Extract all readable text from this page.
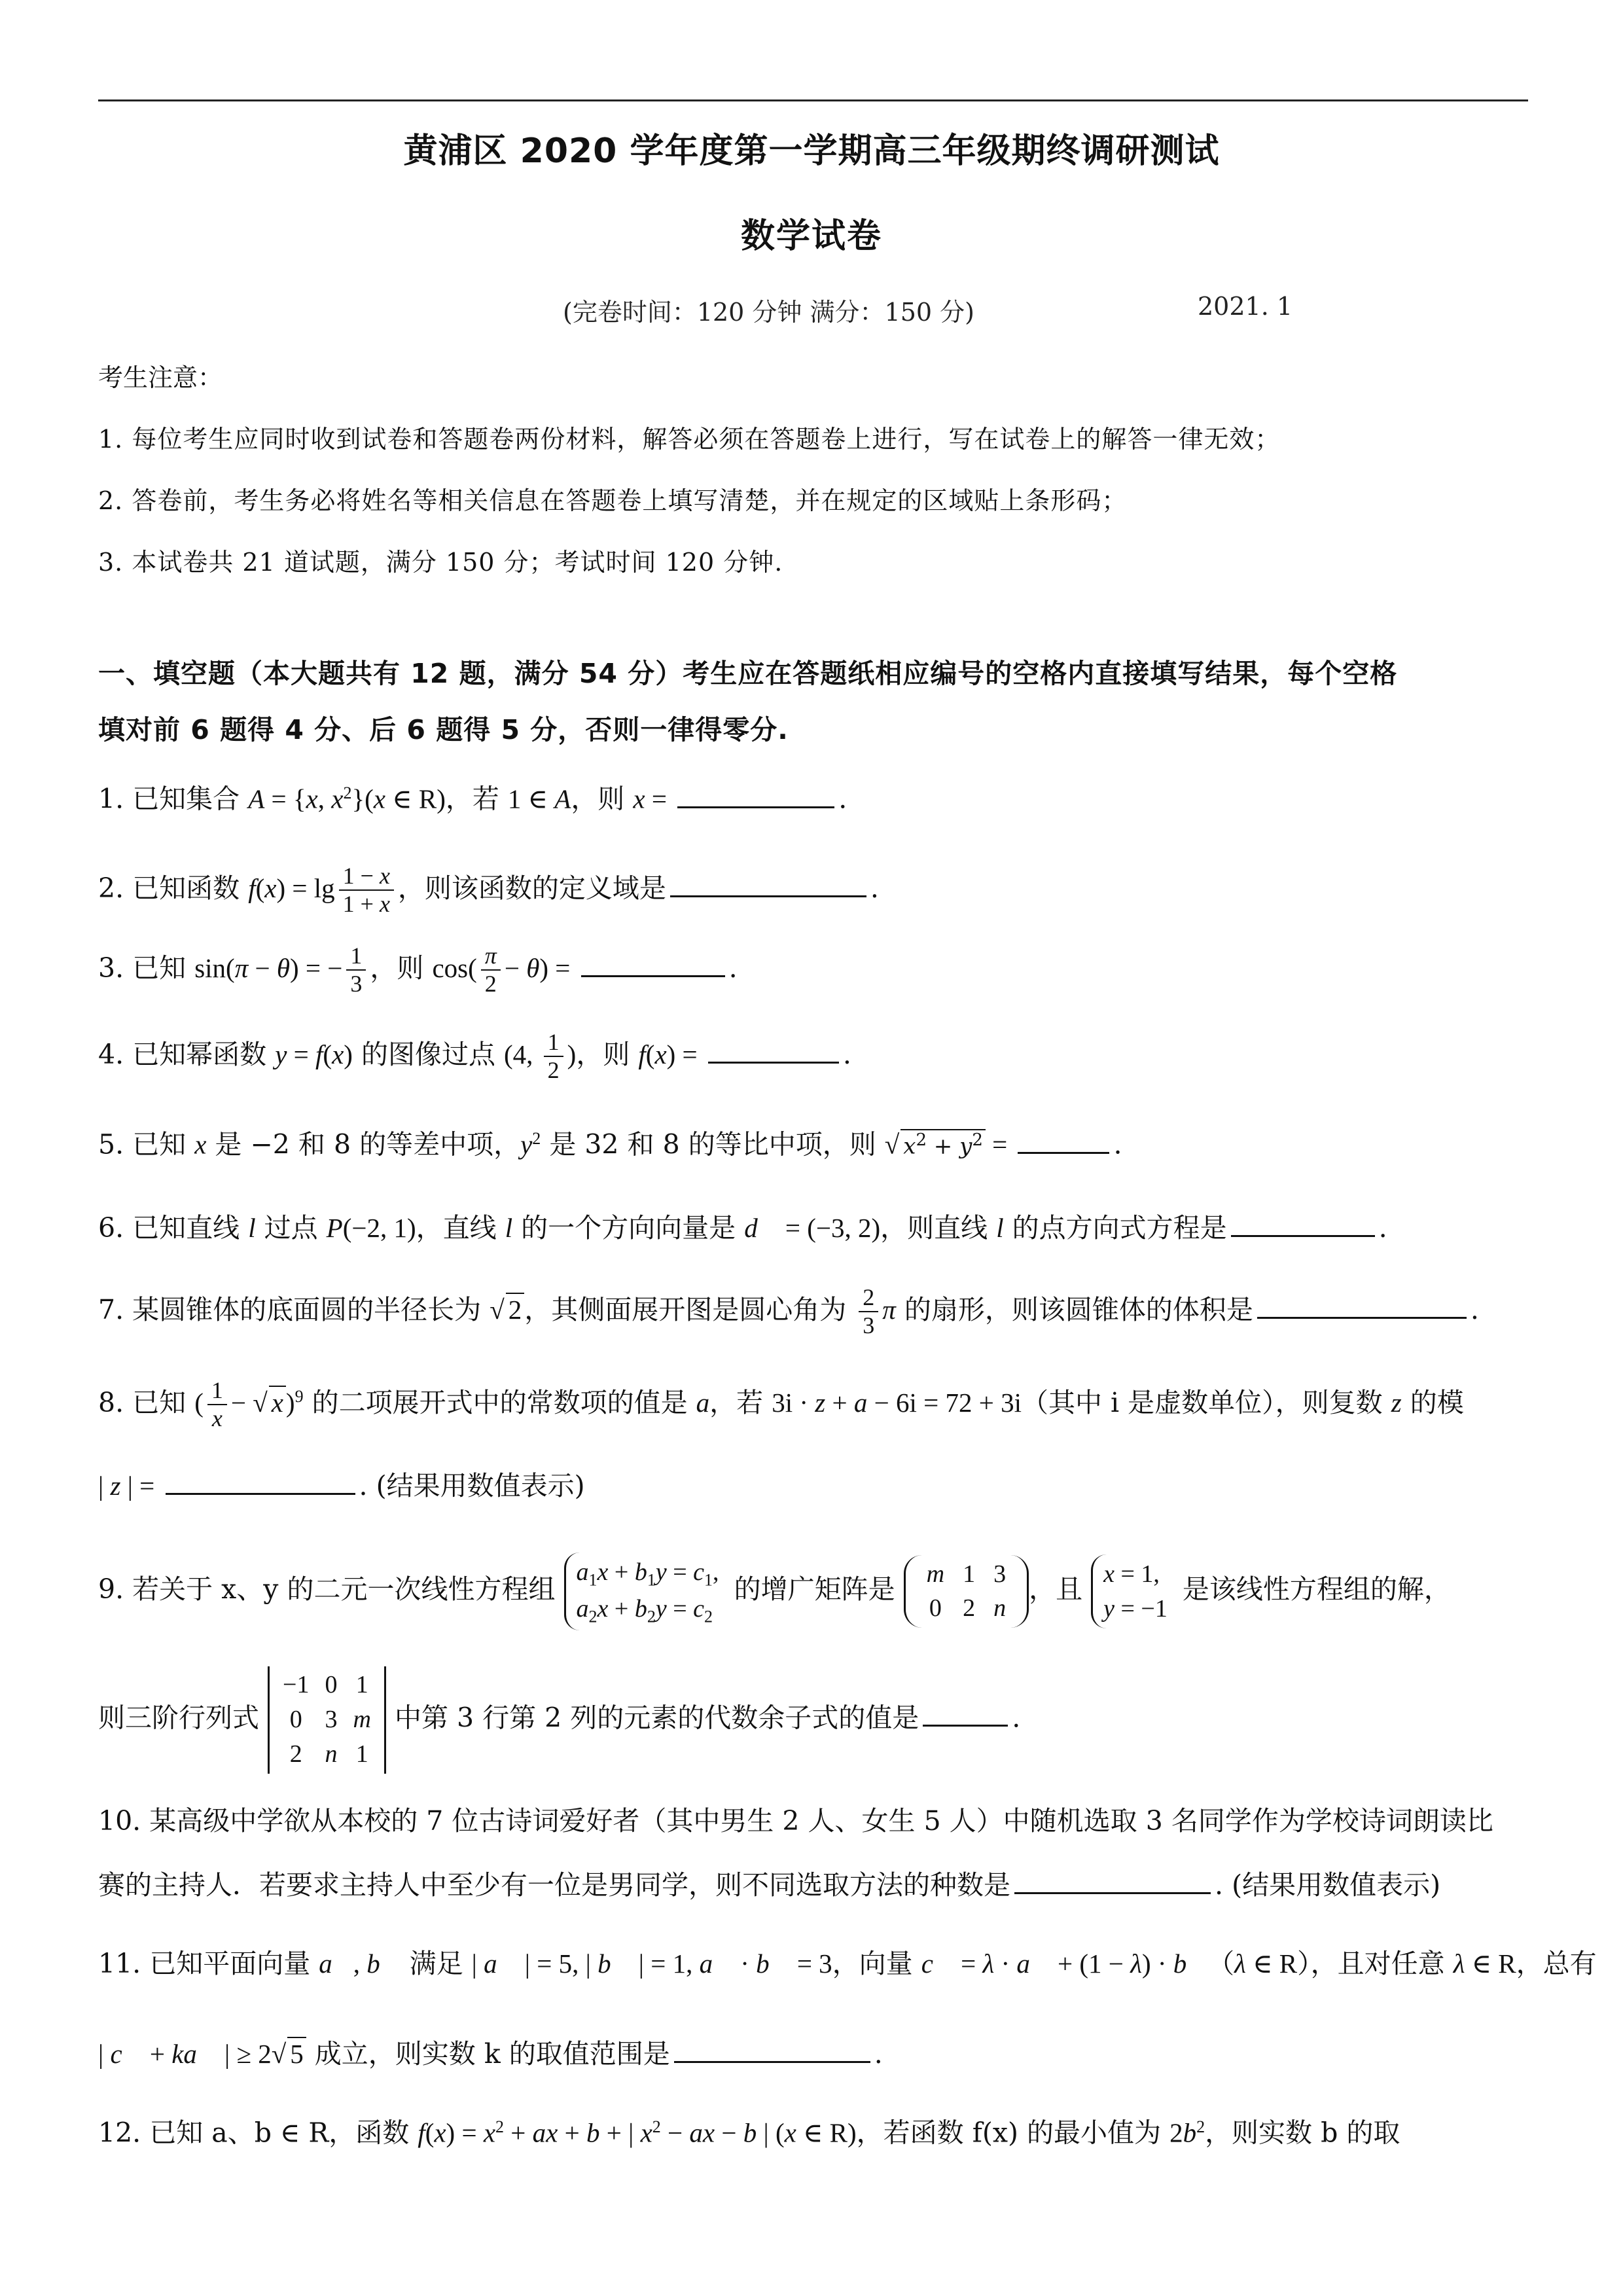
黄浦区 2020 学年度第一学期高三年级期终调研测试
数学试卷
(完卷时间：120 分钟 满分：150 分)	2021. 1
考生注意：
1. 每位考生应同时收到试卷和答题卷两份材料，解答必须在答题卷上进行，写在试卷上的解答一律无效；
2. 答卷前，考生务必将姓名等相关信息在答题卷上填写清楚，并在规定的区域贴上条形码；
3. 本试卷共 21 道试题，满分 150 分；考试时间 120 分钟.
一、填空题（本大题共有 12 题，满分 54 分）考生应在答题纸相应编号的空格内直接填写结果，每个空格
填对前 6 题得 4 分、后 6 题得 5 分，否则一律得零分.
1. 已知集合 A = {x, $x^2\}(x$ ∈ R)，若 1 ∈ A，则 x =	.
2. 已知函数 $f(x) = \lg \frac{1 - x}{1 + x}$ ，则该函数的定义域是	.
3. 已知 sin(π − θ) = − $\frac{1}{3}$ ，则 $\cos( \frac{\pi}{2} - \theta)$ =	.
4. 已知幂函数 y = f(x) 的图像过点 (4, $\frac{1}{2}$ )，则 f(x) =	.
5. 已知 x 是 −2 和 8 的等差中项，$y^2$ 是 32 和 8 的等比中项，则 √ $x^2 + y^2$ =	.
6. 已知直线 l 过点 P(−2, 1)，直线 l 的一个方向向量是 d⃗ = (−3, 2)，则直线 l 的点方向式方程是	.
7. 某圆锥体的底面圆的半径长为 √ 2，其侧面展开图是圆心角为 $\frac{2}{3}$ π 的扇形，则该圆锥体的体积是	.
8. 已知 ( $\frac{1}{x}$ − √ x)$^9$ 的二项展开式中的常数项的值是 a，若 3i · z + a − 6i = 72 + 3i（其中 i 是虚数单位），则复数 z 的模
| z | =	. (结果用数值表示)
9. 若关于 x、y 的二元一次线性方程组 $a_1x + b_1y = c_1$,
$a_2x + b_2y = c_2$ 的增广矩阵是 m	1	3
0	2	n
，且 x = 1,
y = −1 是该线性方程组的解，
则三阶行列式
−1	0	1
0	3	m
2	n	1
中第 3 行第 2 列的元素的代数余子式的值是	.
10. 某高级中学欲从本校的 7 位古诗词爱好者（其中男生 2 人、女生 5 人）中随机选取 3 名同学作为学校诗词朗读比
赛的主持人．若要求主持人中至少有一位是男同学，则不同选取方法的种数是	. (结果用数值表示)
11. 已知平面向量 a⃗, b⃗ 满足 | a⃗ | = 5, | b⃗ | = 1, a⃗ · b⃗ = 3，向量 c⃗ = λ · a⃗ + (1 − λ) · b⃗（λ ∈ R），且对任意 λ ∈ R，总有
| c⃗ + ka⃗ | ≥ 2√ 5 成立，则实数 k 的取值范围是	.
12. 已知 a、b ∈ R，函数 $f(x) = x^2$ + ax + b + | $x^2$ − ax − b | (x ∈ R)，若函数 f(x) 的最小值为 $2b^2$，则实数 b 的取
